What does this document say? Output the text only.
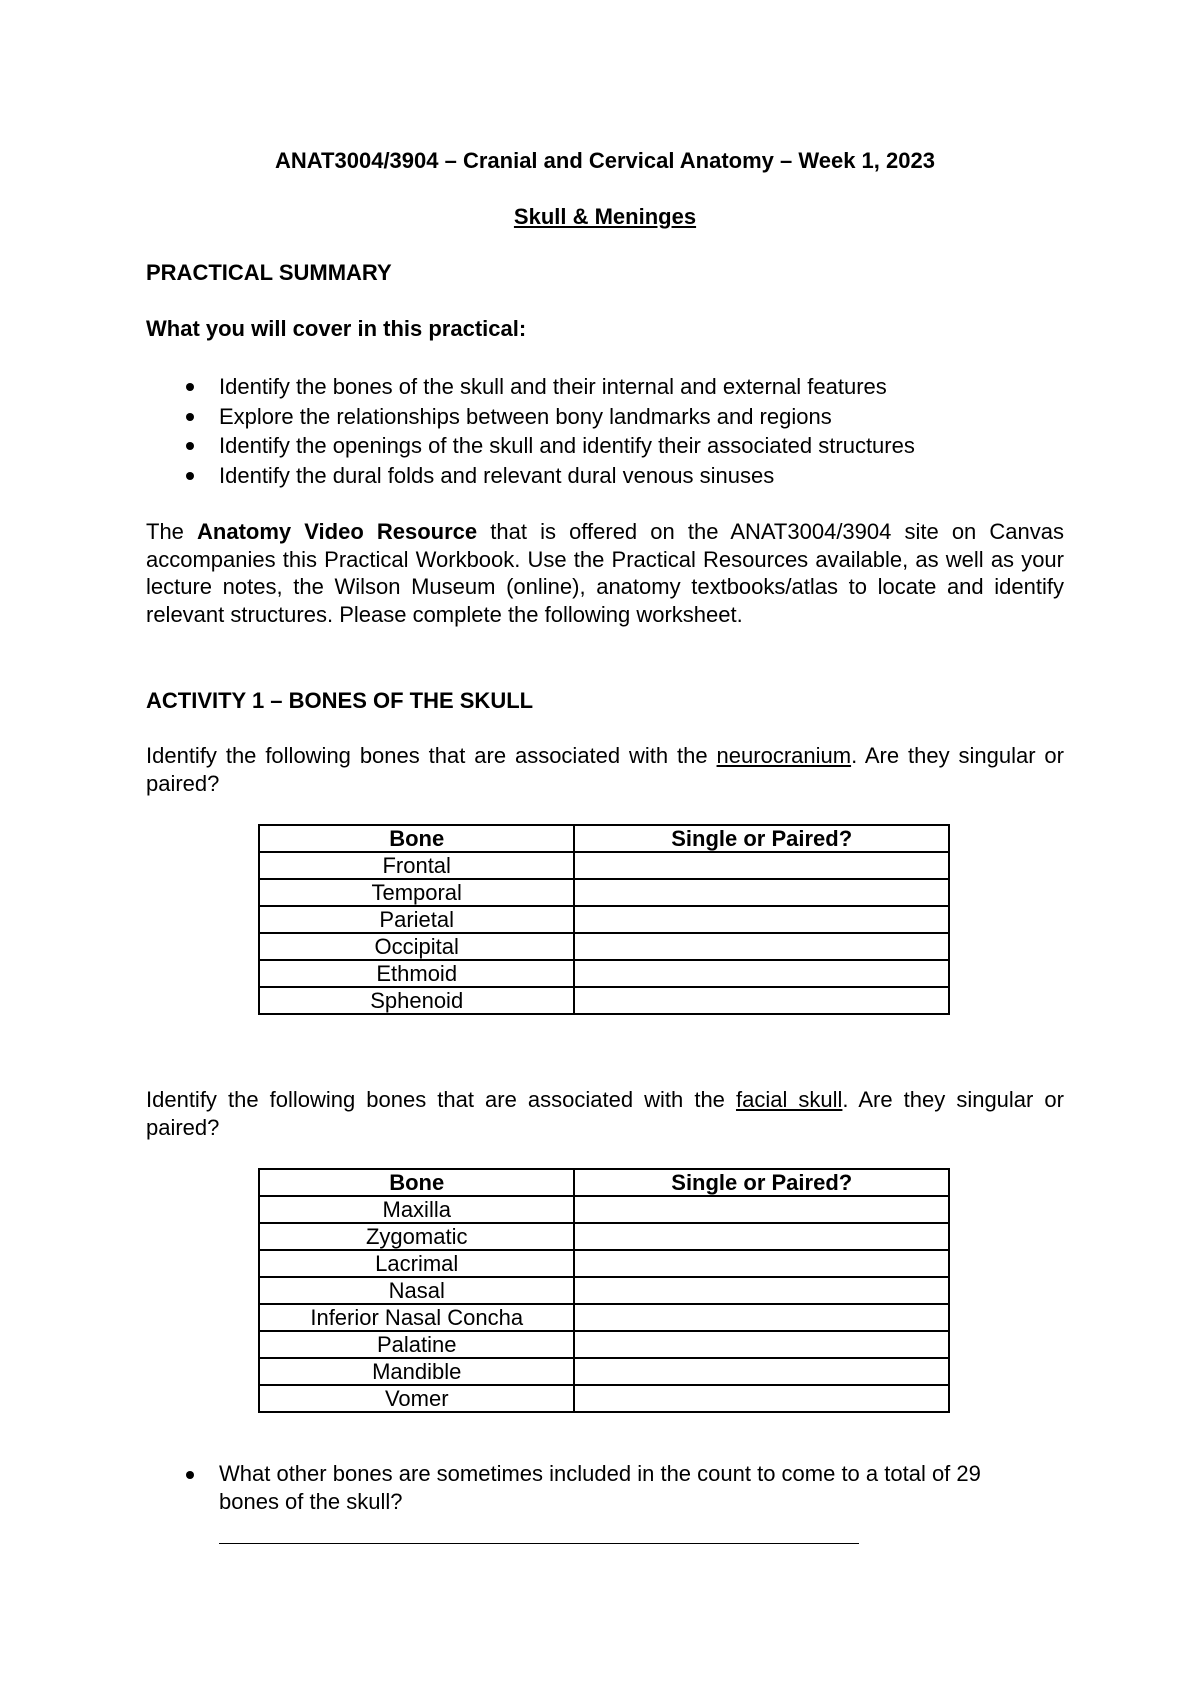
ANAT3004/3904 – Cranial and Cervical Anatomy – Week 1, 2023
Skull & Meninges
PRACTICAL SUMMARY
What you will cover in this practical:
Identify the bones of the skull and their internal and external features
Explore the relationships between bony landmarks and regions
Identify the openings of the skull and identify their associated structures
Identify the dural folds and relevant dural venous sinuses

The Anatomy Video Resource that is offered on the ANAT3004/3904 site on Canvas accompanies this Practical Workbook. Use the Practical Resources available, as well as your lecture notes, the Wilson Museum (online), anatomy textbooks/atlas to locate and identify relevant structures. Please complete the following worksheet.

ACTIVITY 1 – BONES OF THE SKULL

Identify the following bones that are associated with the neurocranium. Are they singular or paired?

Bone	Single or Paired?
Frontal	
Temporal	
Parietal	
Occipital	
Ethmoid	
Sphenoid	

Identify the following bones that are associated with the facial skull. Are they singular or paired?

Bone	Single or Paired?
Maxilla	
Zygomatic	
Lacrimal	
Nasal	
Inferior Nasal Concha	
Palatine	
Mandible	
Vomer	
What other bones are sometimes included in the count to come to a total of 29 bones of the skull?
